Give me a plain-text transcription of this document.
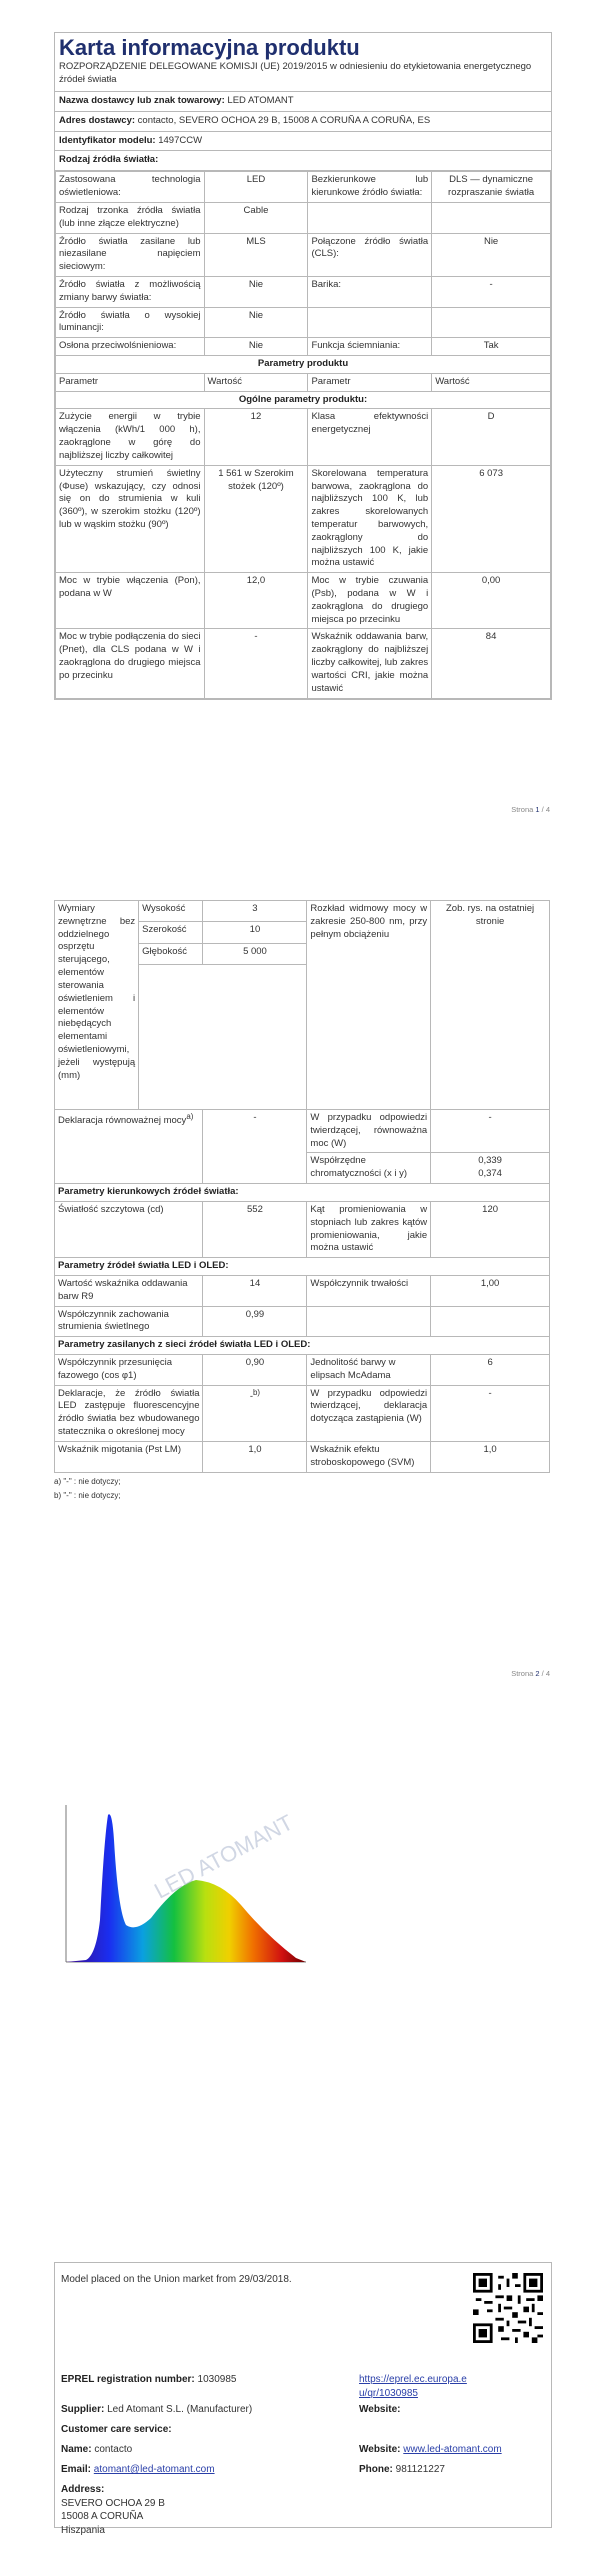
Karta informacyjna produktu
ROZPORZĄDZENIE DELEGOWANE KOMISJI (UE) 2019/2015 w odniesieniu do etykietowania energetycznego źródeł światła
Nazwa dostawcy lub znak towarowy: LED ATOMANT
Adres dostawcy: contacto, SEVERO OCHOA 29 B, 15008 A CORUÑA A CORUÑA, ES
Identyfikator modelu: 1497CCW
Rodzaj źródła światła:
Zastosowana technologia oświetleniowa:	LED	Bezkierunkowe lub kierunkowe źródło światła:	DLS — dynamiczne rozpraszanie światła
Rodzaj trzonka źródła światła (lub inne złącze elektryczne)	Cable		
Źródło światła zasilane lub niezasilane napięciem sieciowym:	MLS	Połączone źródło światła (CLS):	Nie
Źródło światła z możliwością zmiany barwy światła:	Nie	Barika:	-
Źródło światła o wysokiej luminancji:	Nie		
Osłona przeciwolśnieniowa:	Nie	Funkcja ściemniania:	Tak
Parametry produktu			
Parametr	Wartość	Parametr	Wartość
Ogólne parametry produktu:			
Zużycie energii w trybie włączenia (kWh/1 000 h), zaokrąglone w górę do najbliższej liczby całkowitej	12	Klasa efektywności energetycznej	D
Użyteczny strumień świetlny (Φuse) wskazujący, czy odnosi się on do strumienia w kuli (360º), w szerokim stożku (120º) lub w wąskim stożku (90º)	1 561 w Szerokim stożek (120º)	Skorelowana temperatura barwowa, zaokrąglona do najbliższych 100 K, lub zakres skorelowanych temperatur barwowych, zaokrąglony do najbliższych 100 K, jakie można ustawić	6 073
Moc w trybie włączenia (Pon), podana w W	12,0	Moc w trybie czuwania (Psb), podana w W i zaokrąglona do drugiego miejsca po przecinku	0,00
Moc w trybie podłączenia do sieci (Pnet), dla CLS podana w W i zaokrąglona do drugiego miejsca po przecinku	-	Wskaźnik oddawania barw, zaokrąglony do najbliższej liczby całkowitej, lub zakres wartości CRI, jakie można ustawić	84
Strona 1 / 4
Wymiary zewnętrzne bez oddzielnego osprzętu sterującego, elementów sterowania oświetleniem i elementów niebędących elementami oświetleniowymi, jeżeli występują (mm)	Wysokość	3	Rozkład widmowy mocy w zakresie 250-800 nm, przy pełnym obciążeniu	Zob. rys. na ostatniej stronie
	Szerokość	10		
	Głębokość	5 000		

Deklaracja równoważnej mocy$^{a)}$		-	W przypadku odpowiedzi twierdzącej, równoważna moc (W)	-
			Współrzędne chromatyczności (x i y)	0,339
0,374

Parametry kierunkowych źródeł światła:				
Światłość szczytowa (cd)		552	Kąt promieniowania w stopniach lub zakres kątów promieniowania, jakie można ustawić	120
Parametry źródeł światła LED i OLED:				
Wartość wskaźnika oddawania barw R9		14	Współczynnik trwałości	1,00
Współczynnik zachowania strumienia świetlnego		0,99		
Parametry zasilanych z sieci źródeł światła LED i OLED:				
Współczynnik przesunięcia fazowego (cos φ1)		0,90	Jednolitość barwy w elipsach McAdama	6
Deklaracje, że źródło światła LED zastępuje fluorescencyjne źródło światła bez wbudowanego statecznika o określonej mocy		-$^{b)}$	W przypadku odpowiedzi twierdzącej, deklaracja dotycząca zastąpienia (W)	-
Wskaźnik migotania (Pst LM)		1,0	Wskaźnik efektu stroboskopowego (SVM)	1,0
a) "-" : nie dotyczy;
b) "-" : nie dotyczy;
Strona 2 / 4
LED ATOMANT
Model placed on the Union market from 29/03/2018.
EPREL registration number: 1030985	https://eprel.ec.europa.eu/qr/1030985
Supplier: Led Atomant S.L. (Manufacturer)	Website:
Customer care service:
Name: contacto	Website: www.led-atomant.com
Email: atomant@led-atomant.com	Phone: 981121227
Address:
SEVERO OCHOA 29 B
15008 A CORUÑA
Hiszpania
